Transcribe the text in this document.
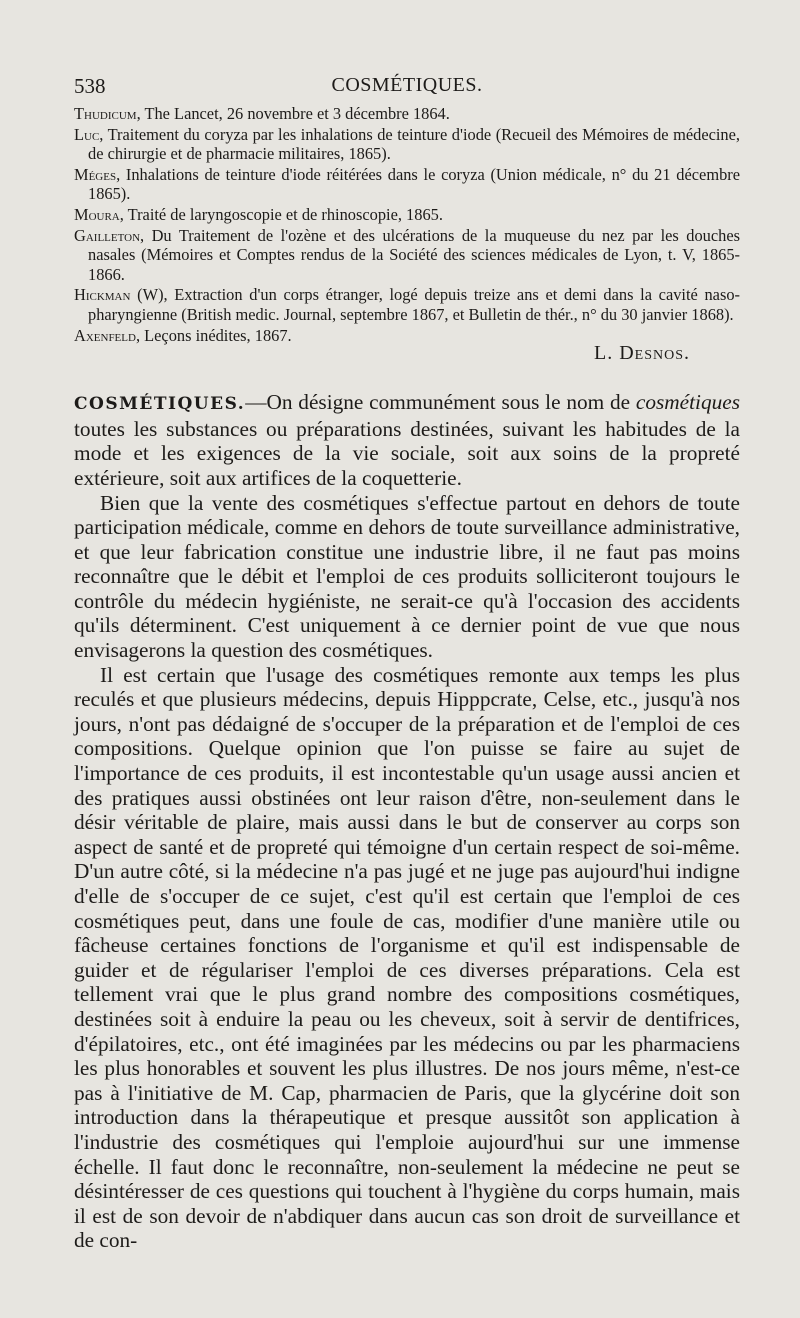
538	COSMÉTIQUES.

Thudicum, The Lancet, 26 novembre et 3 décembre 1864.

Luc, Traitement du coryza par les inhalations de teinture d'iode (Recueil des Mémoires de médecine, de chirurgie et de pharmacie militaires, 1865).

Méges, Inhalations de teinture d'iode réitérées dans le coryza (Union médicale, n° du 21 décembre 1865).

Moura, Traité de laryngoscopie et de rhinoscopie, 1865.

Gailleton, Du Traitement de l'ozène et des ulcérations de la muqueuse du nez par les douches nasales (Mémoires et Comptes rendus de la Société des sciences médicales de Lyon, t. V, 1865-1866.

Hickman (W), Extraction d'un corps étranger, logé depuis treize ans et demi dans la cavité naso-pharyngienne (British medic. Journal, septembre 1867, et Bulletin de thér., n° du 30 janvier 1868).

Axenfeld, Leçons inédites, 1867.

L. Desnos.

COSMÉTIQUES.—On désigne communément sous le nom de cosmétiques toutes les substances ou préparations destinées, suivant les habitudes de la mode et les exigences de la vie sociale, soit aux soins de la propreté extérieure, soit aux artifices de la coquetterie.

Bien que la vente des cosmétiques s'effectue partout en dehors de toute participation médicale, comme en dehors de toute surveillance administrative, et que leur fabrication constitue une industrie libre, il ne faut pas moins reconnaître que le débit et l'emploi de ces produits solliciteront toujours le contrôle du médecin hygiéniste, ne serait-ce qu'à l'occasion des accidents qu'ils déterminent. C'est uniquement à ce dernier point de vue que nous envisagerons la question des cosmétiques.

Il est certain que l'usage des cosmétiques remonte aux temps les plus reculés et que plusieurs médecins, depuis Hipppcrate, Celse, etc., jusqu'à nos jours, n'ont pas dédaigné de s'occuper de la préparation et de l'emploi de ces compositions. Quelque opinion que l'on puisse se faire au sujet de l'importance de ces produits, il est incontestable qu'un usage aussi ancien et des pratiques aussi obstinées ont leur raison d'être, non-seulement dans le désir véritable de plaire, mais aussi dans le but de conserver au corps son aspect de santé et de propreté qui témoigne d'un certain respect de soi-même. D'un autre côté, si la médecine n'a pas jugé et ne juge pas aujourd'hui indigne d'elle de s'occuper de ce sujet, c'est qu'il est certain que l'emploi de ces cosmétiques peut, dans une foule de cas, modifier d'une manière utile ou fâcheuse certaines fonctions de l'organisme et qu'il est indispensable de guider et de régulariser l'emploi de ces diverses préparations. Cela est tellement vrai que le plus grand nombre des compositions cosmétiques, destinées soit à enduire la peau ou les cheveux, soit à servir de dentifrices, d'épilatoires, etc., ont été imaginées par les médecins ou par les pharmaciens les plus honorables et souvent les plus illustres. De nos jours même, n'est-ce pas à l'initiative de M. Cap, pharmacien de Paris, que la glycérine doit son introduction dans la thérapeutique et presque aussitôt son application à l'industrie des cosmétiques qui l'emploie aujourd'hui sur une immense échelle. Il faut donc le reconnaître, non-seulement la médecine ne peut se désintéresser de ces questions qui touchent à l'hygiène du corps humain, mais il est de son devoir de n'abdiquer dans aucun cas son droit de surveillance et de con-
